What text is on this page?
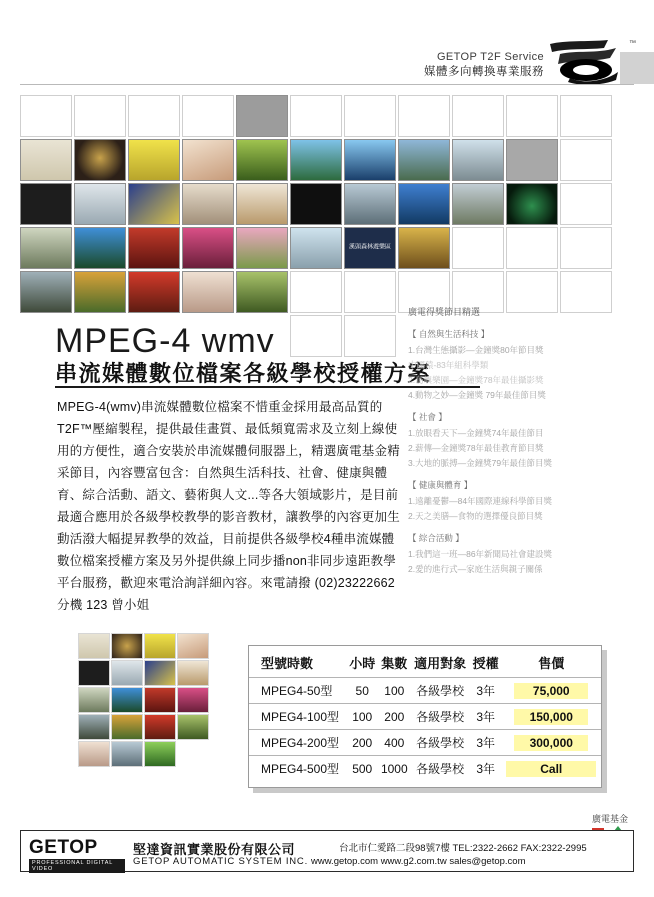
GETOP T2F Service
媒體多向轉換專業服務
™
溪頭森林遊樂區
MPEG-4 wmv
串流媒體數位檔案各級學校授權方案

MPEG-4(wmv)串流媒體數位檔案不惜重金採用最高品質的 T2F™壓縮製程，提供最佳畫質、最低頻寬需求及立刻上線使用的方便性，適合安裝於串流媒體伺服器上，精選廣電基金精采節目，內容豐富包含：自然與生活科技、社會、健康與體育、綜合活動、語文、藝術與人文...等各大領域影片，是目前最適合應用於各級學校教學的影音教材，讓教學的內容更加生動活潑大幅提昇教學的效益，目前提供各級學校4種串流媒體數位檔案授權方案及另外提供線上同步播non非同步遠距教學平台服務，歡迎來電洽詢詳細內容。來電請撥 (02)23222662 分機 123 曾小姐

廣電得獎節目精選
【 自然與生活科技 】
1.台灣生態攝影—金鐘獎80年節目獎
中國猿-83年組科學類
2.島嶼樂園—金鐘獎78年最佳攝影獎
4.動物之妙—金鐘獎 79年最佳節目獎
【 社會 】
1.放眼看天下—金鐘獎74年最佳節目
2.薪傳—金鐘獎78年最佳教育節目獎
3.大地的脈搏—金鐘獎79年最佳節目獎
【 健康與體育 】
1.遠離憂鬱—84年國際連線科學節目獎
2.天之美膳—食物的選擇優良節目獎
【 綜合活動 】
1.我們這一班—86年新聞局社會建設獎
2.愛的進行式—家庭生活與親子關係
型號時數	小時	集數	適用對象	授權	售價
MPEG4-50型	50	100	各級學校	3年	75,000
MPEG4-100型	100	200	各級學校	3年	150,000
MPEG4-200型	200	400	各級學校	3年	300,000
MPEG4-500型	500	1000	各級學校	3年	Call
廣電基金
GETOP
PROFESSIONAL DIGITAL VIDEO
堅達資訊實業股份有限公司
GETOP AUTOMATIC SYSTEM INC.
台北市仁愛路二段98號7樓 TEL:2322-2662 FAX:2322-2995
www.getop.com www.g2.com.tw sales@getop.com
